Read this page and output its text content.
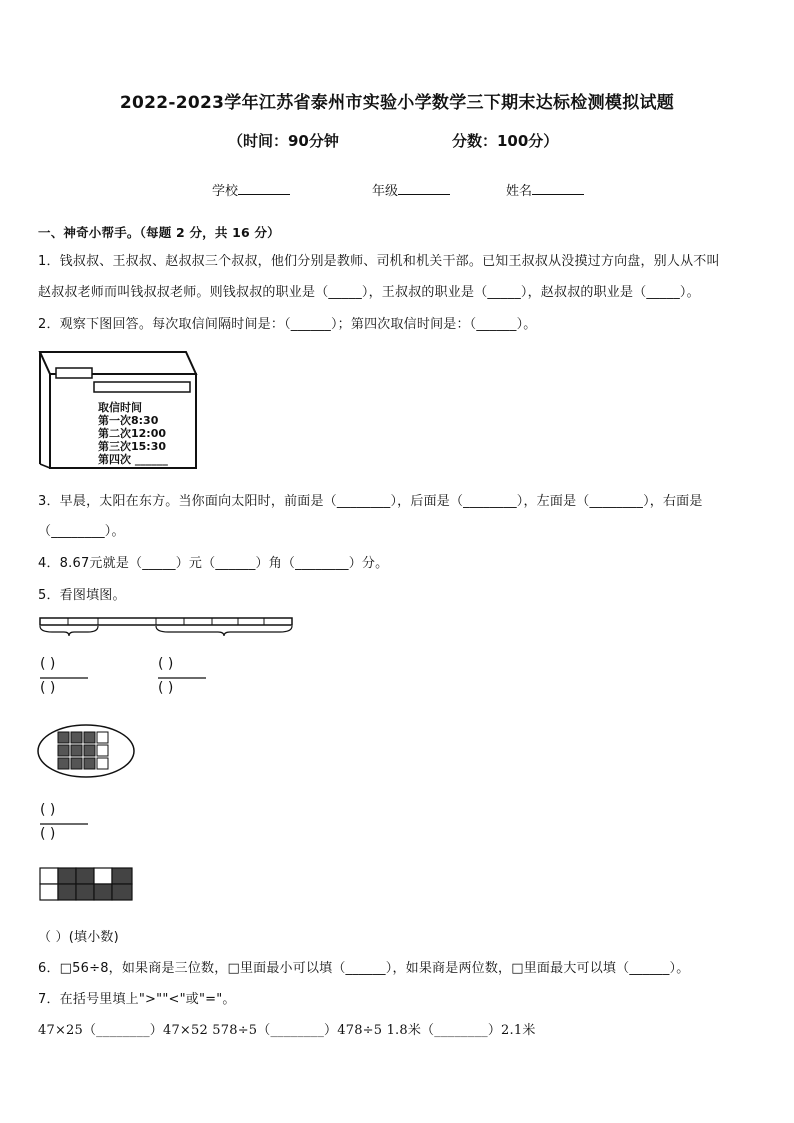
2022-2023学年江苏省泰州市实验小学数学三下期末达标检测模拟试题
（时间：90分钟	分数：100分）
学校	年级	姓名
一、神奇小帮手。（每题 2 分，共 16 分）
1．钱叔叔、王叔叔、赵叔叔三个叔叔，他们分别是教师、司机和机关干部。已知王叔叔从没摸过方向盘，别人从不叫
赵叔叔老师而叫钱叔叔老师。则钱叔叔的职业是（_____），王叔叔的职业是（_____），赵叔叔的职业是（_____）。
2．观察下图回答。每次取信间隔时间是：（______）；第四次取信时间是：（______）。
取信时间
第一次8:30
第二次12:00
第三次15:30
第四次 ______
3．早晨，太阳在东方。当你面向太阳时，前面是（________），后面是（________），左面是（________），右面是
（________）。
4．8.67元就是（_____）元（______）角（________）分。
5．看图填图。
( )
( )
( )
( )
( )
( )
（ ）(填小数)
6．□56÷8，如果商是三位数，□里面最小可以填（______），如果商是两位数，□里面最大可以填（______）。
7．在括号里填上">""<"或"="。
47×25（________）47×52 578÷5（________）478÷5 1.8米（________）2.1米
